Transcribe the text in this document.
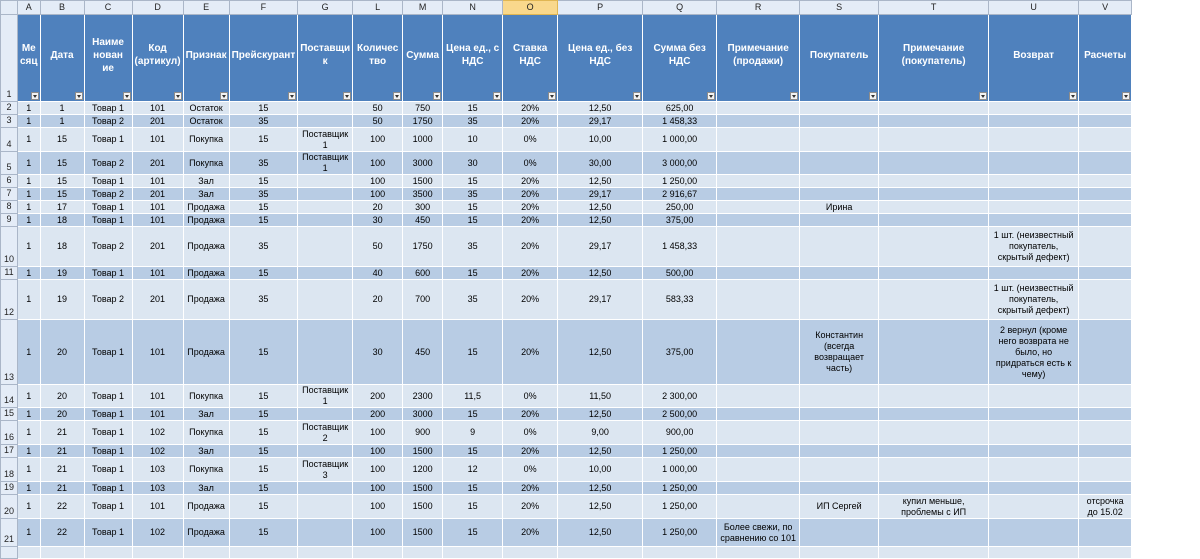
	A	B	C	D	E	F	G	L	M	N	O	P	Q	R	S	T	U	V
1	Ме сяц	Дата	Наиме нован ие	Код (артикул)	Признак	Прейскурант	Поставщи к	Количес тво	Сумма	Цена ед., с НДС	Ставка НДС	Цена ед., без НДС	Сумма без НДС	Примечание (продажи)	Покупатель	Примечание (покупатель)	Возврат	Расчеты

2	1	1	Товар 1	101	Остаток	15		50	750	15	20%	12,50	625,00					
3	1	1	Товар 2	201	Остаток	35		50	1750	35	20%	29,17	1 458,33					
4	1	15	Товар 1	101	Покупка	15	Поставщик 1	100	1000	10	0%	10,00	1 000,00					
5	1	15	Товар 2	201	Покупка	35	Поставщик 1	100	3000	30	0%	30,00	3 000,00					
6	1	15	Товар 1	101	Зал	15		100	1500	15	20%	12,50	1 250,00					
7	1	15	Товар 2	201	Зал	35		100	3500	35	20%	29,17	2 916,67					
8	1	17	Товар 1	101	Продажа	15		20	300	15	20%	12,50	250,00		Ирина			
9	1	18	Товар 1	101	Продажа	15		30	450	15	20%	12,50	375,00					
10	1	18	Товар 2	201	Продажа	35		50	1750	35	20%	29,17	1 458,33				1 шт. (неизвестный покупатель, скрытый дефект)	
11	1	19	Товар 1	101	Продажа	15		40	600	15	20%	12,50	500,00					
12	1	19	Товар 2	201	Продажа	35		20	700	35	20%	29,17	583,33				1 шт. (неизвестный покупатель, скрытый дефект)	
13	1	20	Товар 1	101	Продажа	15		30	450	15	20%	12,50	375,00		Константин (всегда возвращает часть)		2 вернул (кроме него возврата не было, но придраться есть к чему)	
14	1	20	Товар 1	101	Покупка	15	Поставщик 1	200	2300	11,5	0%	11,50	2 300,00					
15	1	20	Товар 1	101	Зал	15		200	3000	15	20%	12,50	2 500,00					
16	1	21	Товар 1	102	Покупка	15	Поставщик 2	100	900	9	0%	9,00	900,00					
17	1	21	Товар 1	102	Зал	15		100	1500	15	20%	12,50	1 250,00					
18	1	21	Товар 1	103	Покупка	15	Поставщик 3	100	1200	12	0%	10,00	1 000,00					
19	1	21	Товар 1	103	Зал	15		100	1500	15	20%	12,50	1 250,00					
20	1	22	Товар 1	101	Продажа	15		100	1500	15	20%	12,50	1 250,00		ИП Сергей	купил меньше, проблемы с ИП		отсрочка до 15.02
21	1	22	Товар 1	102	Продажа	15		100	1500	15	20%	12,50	1 250,00	Более свежи, по сравнению со 101				
